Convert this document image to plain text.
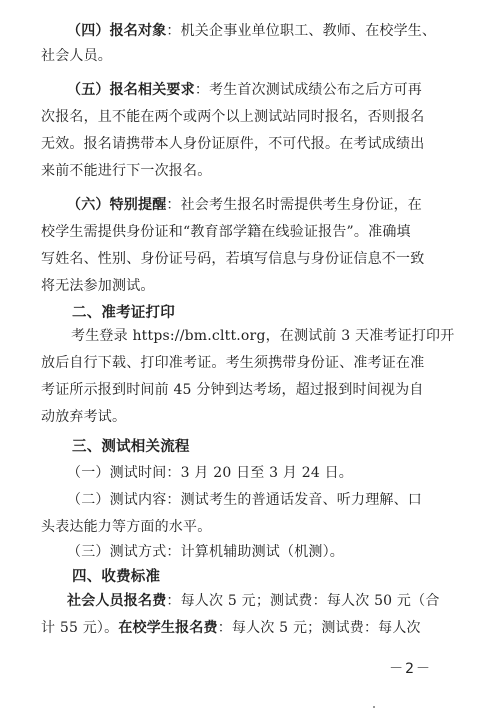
（四）报名对象：机关企事业单位职工、教师、在校学生、
社会人员。
（五）报名相关要求：考生首次测试成绩公布之后方可再
次报名，且不能在两个或两个以上测试站同时报名，否则报名
无效。报名请携带本人身份证原件，不可代报。在考试成绩出
来前不能进行下一次报名。
（六）特别提醒：社会考生报名时需提供考生身份证，在
校学生需提供身份证和“教育部学籍在线验证报告”。准确填
写姓名、性别、身份证号码，若填写信息与身份证信息不一致
将无法参加测试。
二、准考证打印
考生登录 https://bm.cltt.org，在测试前 3 天准考证打印开
放后自行下载、打印准考证。考生须携带身份证、准考证在准
考证所示报到时间前 45 分钟到达考场，超过报到时间视为自
动放弃考试。
三、测试相关流程
（一）测试时间：3 月 20 日至 3 月 24 日。
（二）测试内容：测试考生的普通话发音、听力理解、口
头表达能力等方面的水平。
（三）测试方式：计算机辅助测试（机测）。
四、收费标准
社会人员报名费：每人次 5 元；测试费：每人次 50 元（合
计 55 元）。在校学生报名费：每人次 5 元；测试费：每人次
－2－
